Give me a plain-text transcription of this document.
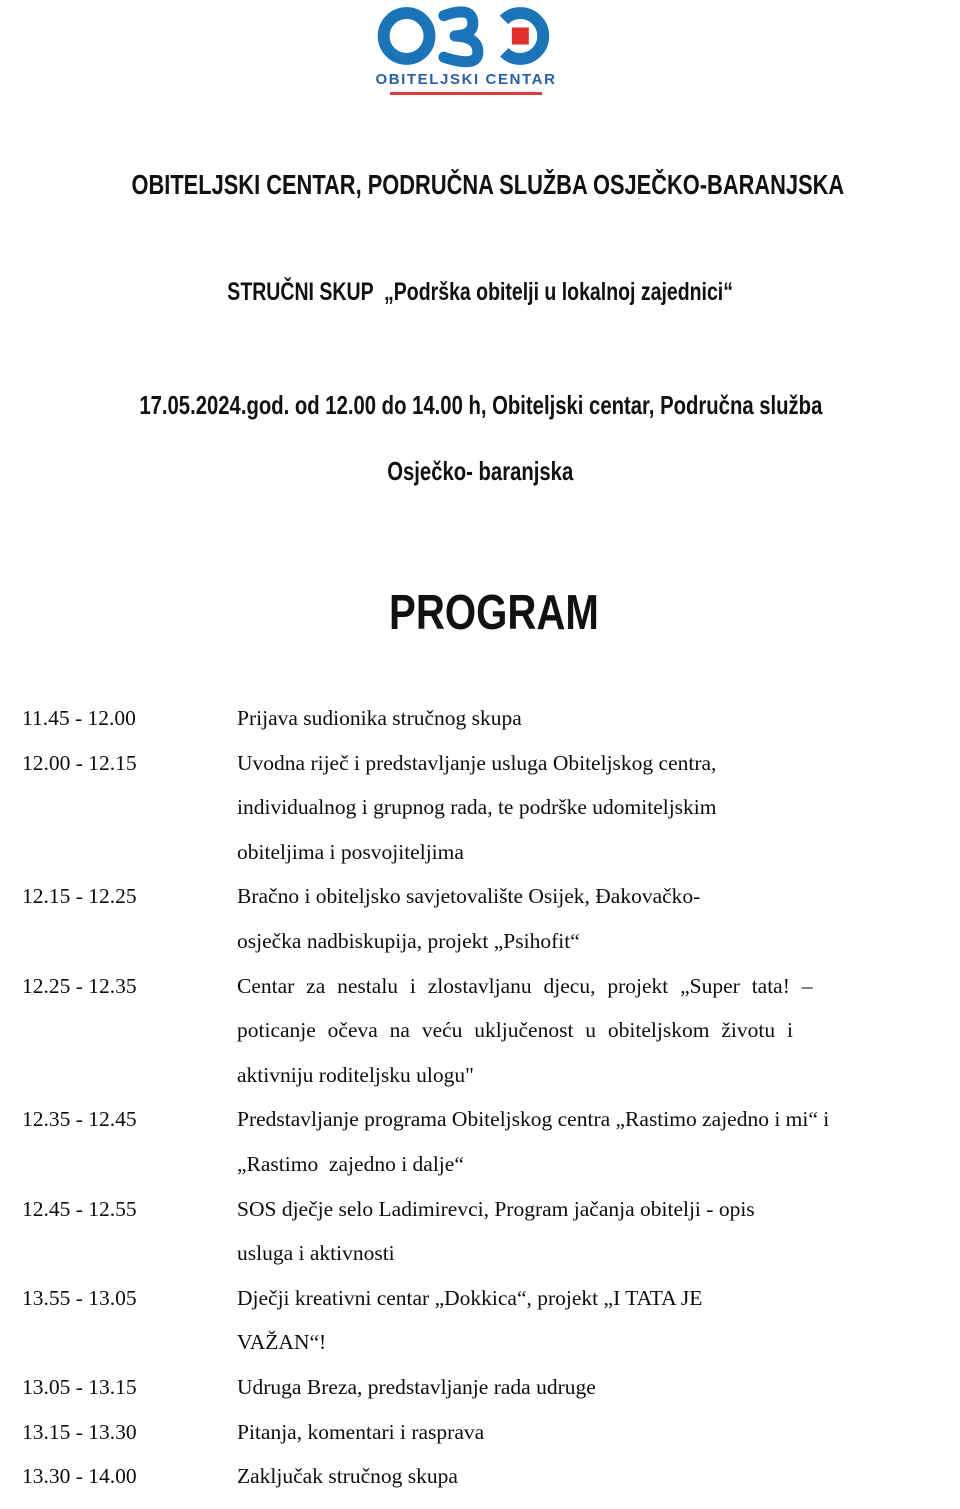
OBITELJSKI CENTAR

OBITELJSKI CENTAR, PODRUČNA SLUŽBA OSJEČKO-BARANJSKA

STRUČNI SKUP  „Podrška obitelji u lokalnoj zajednici“

17.05.2024.god. od 12.00 do 14.00 h, Obiteljski centar, Područna služba

Osječko- baranjska

PROGRAM
11.45 - 12.00	Prijava sudionika stručnog skupa
12.00 - 12.15	Uvodna riječ i predstavljanje usluga Obiteljskog centra,
individualnog i grupnog rada, te podrške udomiteljskim
obiteljima i posvojiteljima
12.15 - 12.25	Bračno i obiteljsko savjetovalište Osijek, Đakovačko-
osječka nadbiskupija, projekt „Psihofit“
12.25 - 12.35	Centar za nestalu i zlostavljanu djecu, projekt „Super tata! –
poticanje očeva na veću uključenost u obiteljskom životu i
aktivniju roditeljsku ulogu"
12.35 - 12.45	Predstavljanje programa Obiteljskog centra „Rastimo zajedno i mi“ i
„Rastimo  zajedno i dalje“
12.45 - 12.55	SOS dječje selo Ladimirevci, Program jačanja obitelji - opis
usluga i aktivnosti
13.55 - 13.05	Dječji kreativni centar „Dokkica“, projekt „I TATA JE
VAŽAN“!
13.05 - 13.15	Udruga Breza, predstavljanje rada udruge
13.15 - 13.30	Pitanja, komentari i rasprava
13.30 - 14.00	Zaključak stručnog skupa
